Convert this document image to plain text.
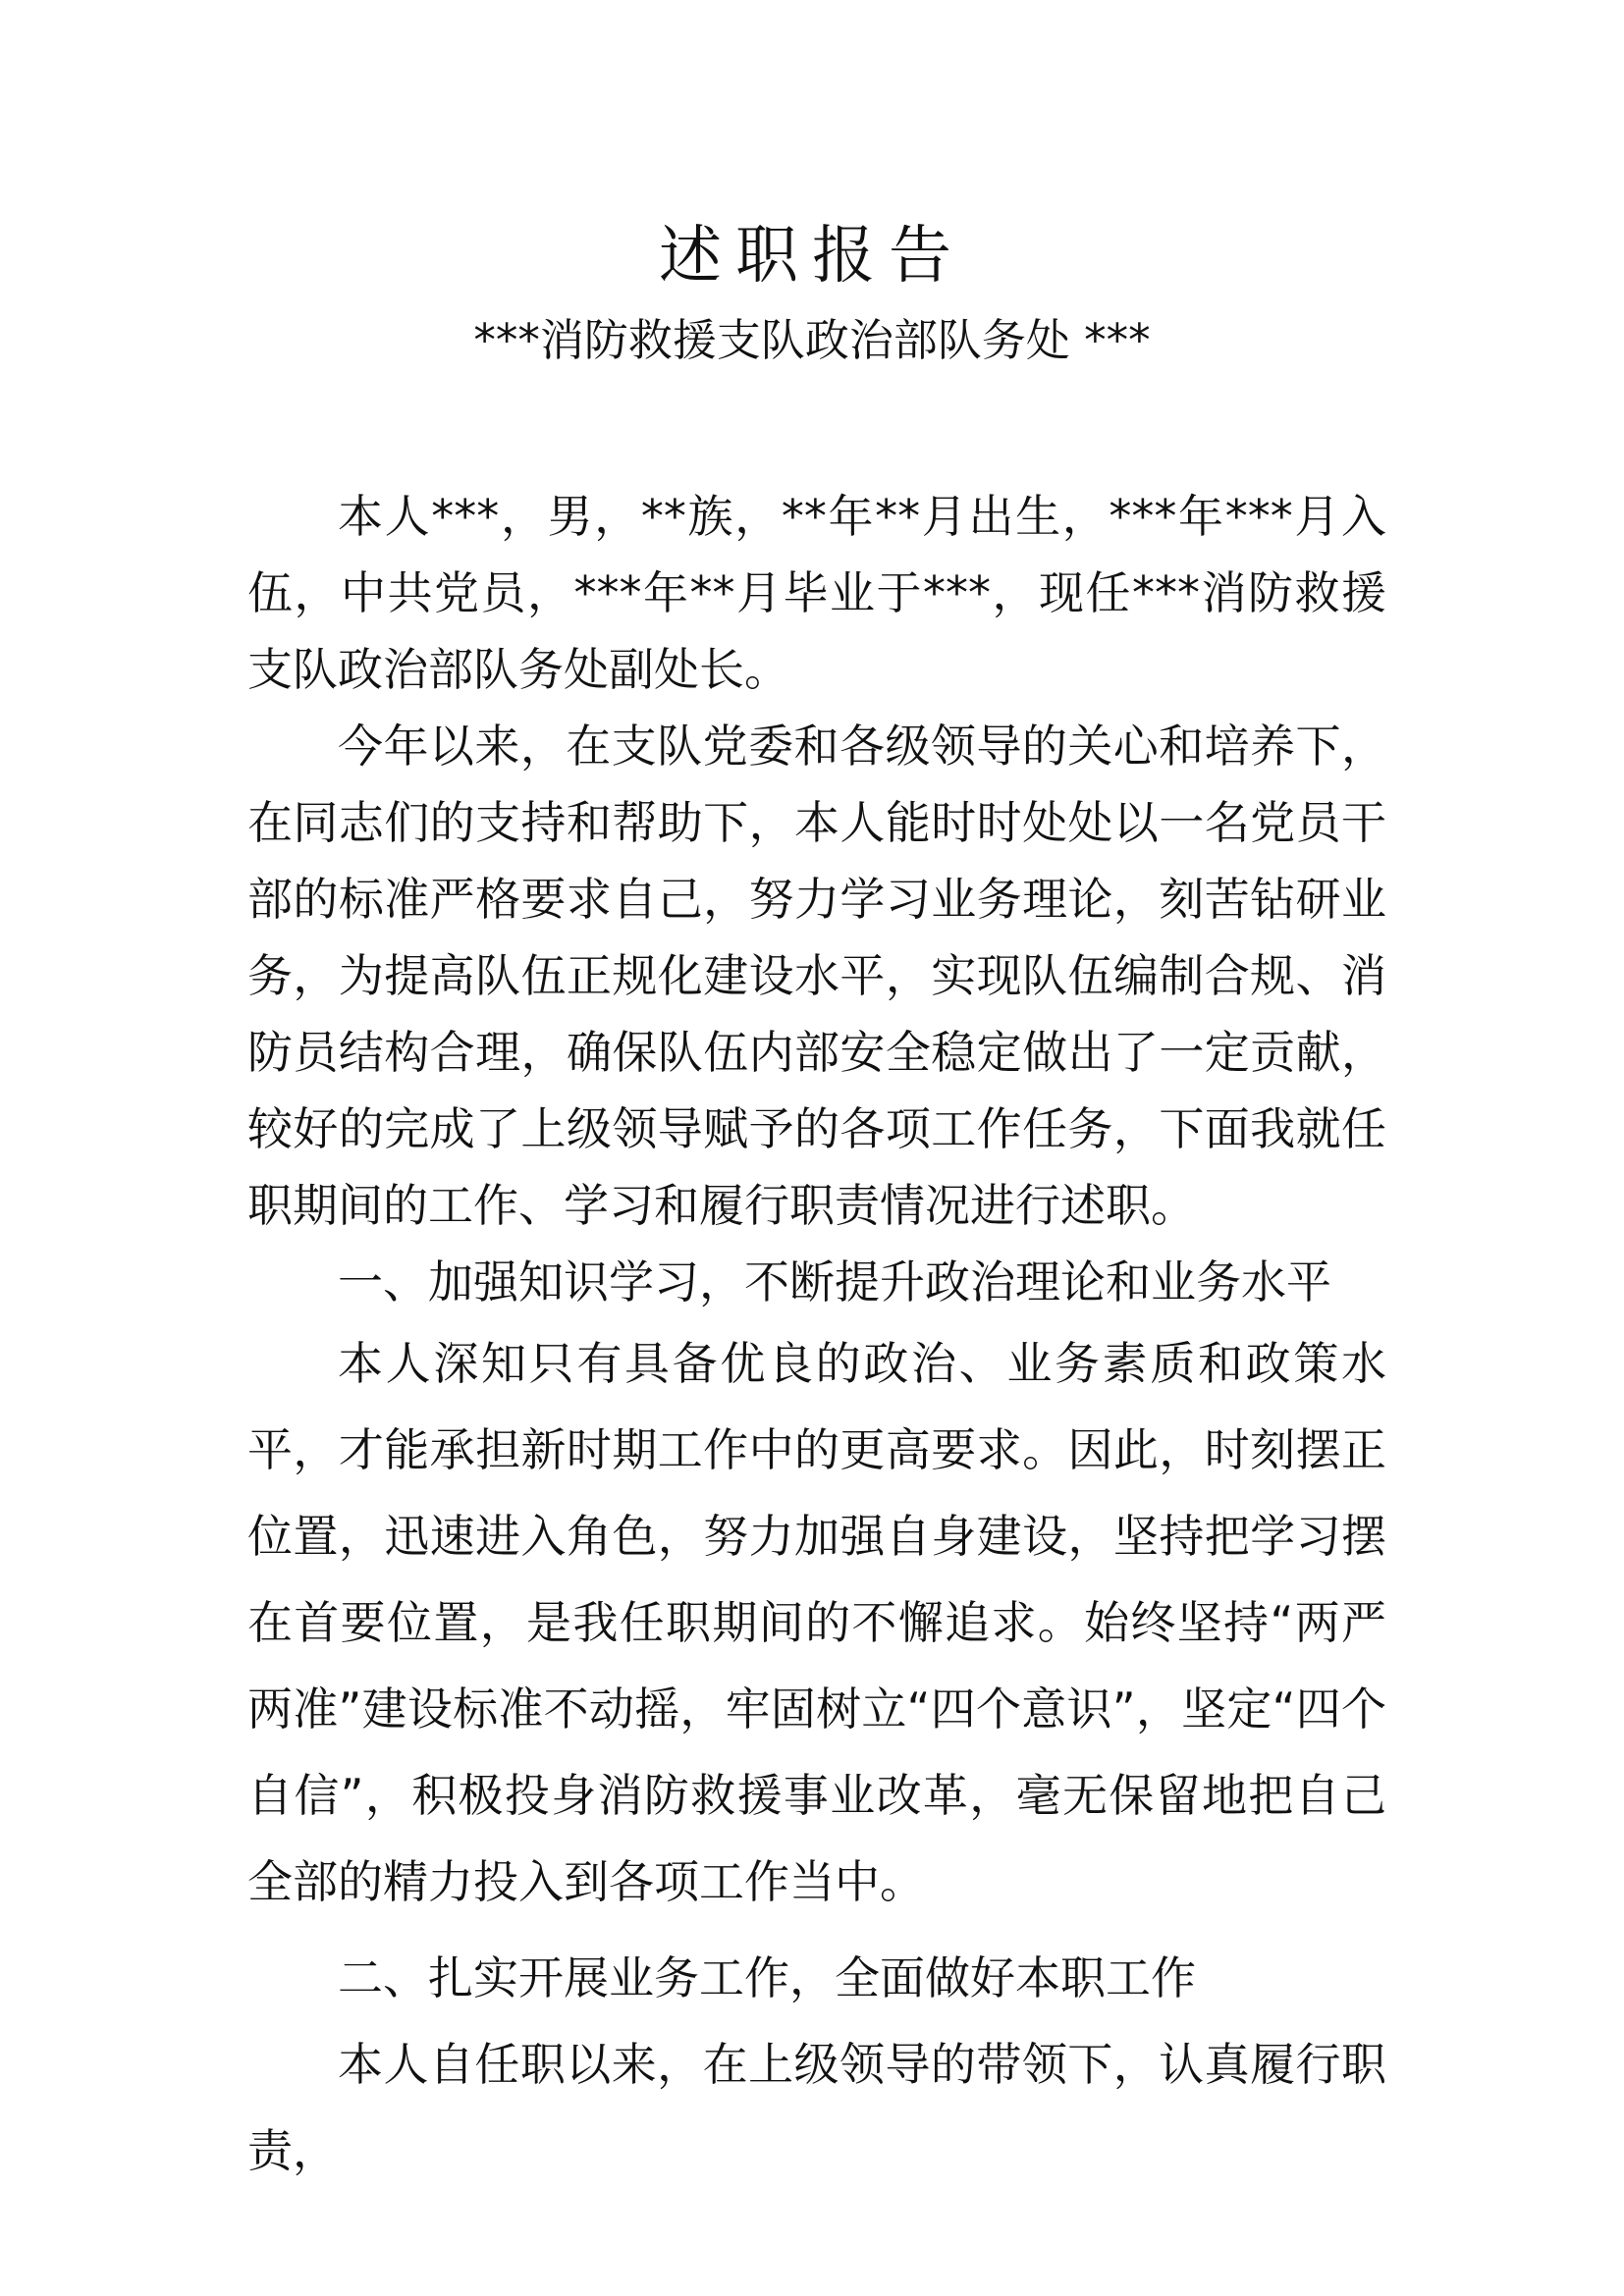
述职报告
***消防救援支队政治部队务处 ***

本人***，男，**族，**年**月出生，***年***月入伍，中共党员，***年**月毕业于***，现任***消防救援支队政治部队务处副处长。

今年以来，在支队党委和各级领导的关心和培养下，在同志们的支持和帮助下，本人能时时处处以一名党员干部的标准严格要求自己，努力学习业务理论，刻苦钻研业务，为提高队伍正规化建设水平，实现队伍编制合规、消防员结构合理，确保队伍内部安全稳定做出了一定贡献，较好的完成了上级领导赋予的各项工作任务，下面我就任职期间的工作、学习和履行职责情况进行述职。

一、加强知识学习，不断提升政治理论和业务水平

本人深知只有具备优良的政治、业务素质和政策水平，才能承担新时期工作中的更高要求。因此，时刻摆正位置，迅速进入角色，努力加强自身建设，坚持把学习摆在首要位置，是我任职期间的不懈追求。始终坚持“两严两准”建设标准不动摇，牢固树立“四个意识”，坚定“四个自信”，积极投身消防救援事业改革，毫无保留地把自己全部的精力投入到各项工作当中。

二、扎实开展业务工作，全面做好本职工作

本人自任职以来，在上级领导的带领下，认真履行职责，
